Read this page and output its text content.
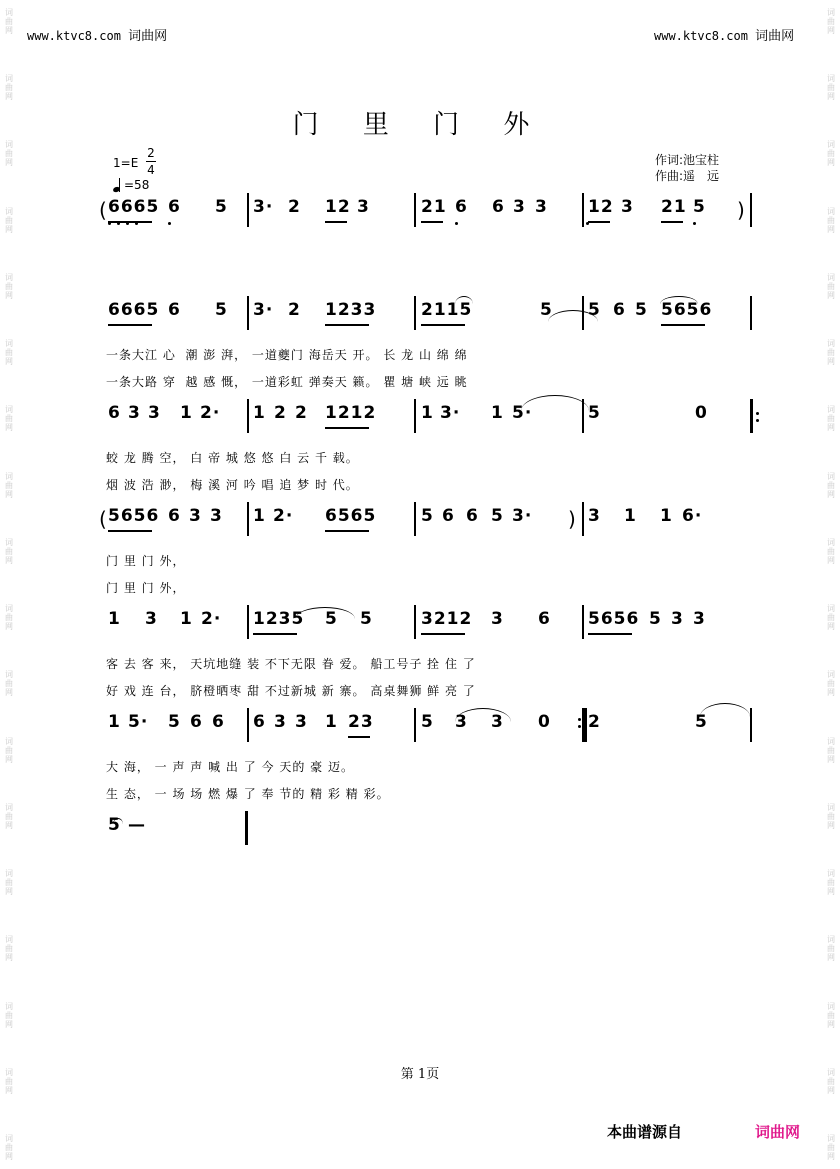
词曲网
词曲网
词曲网
词曲网
词曲网
词曲网
词曲网
词曲网
词曲网
词曲网
词曲网
词曲网
词曲网
词曲网
词曲网
词曲网
词曲网
词曲网
词曲网
词曲网
词曲网
词曲网
词曲网
词曲网
词曲网
词曲网
词曲网
词曲网
词曲网
词曲网
词曲网
词曲网
词曲网
词曲网
词曲网
词曲网
www.ktvc8.com 词曲网	www.ktvc8.com 词曲网
门 里 门 外
1=E
2
4
=58
作词:池宝柱
作曲:遥　远
6665 6 5 3· 2 12 3	21 6 6 3 3 12 3 21 5
6665 6 5 3· 2 1233	2115	5 5 6 5 5656
一条大江 心  潮 澎 湃， 一道夔门 海岳天 开。 长 龙 山 绵 绵
一条大路 穿  越 感 慨， 一道彩虹 弹奏天 籁。 瞿 塘 峡 远 眺
6 3 3 1 2· 1 2 2 1212	1 3· 1 5·	5	0
蛟 龙 腾 空， 白 帝 城 悠 悠 白 云 千 载。
烟 波 浩 渺， 梅 溪 河 吟 唱 追 梦 时 代。
5656 6 3 3 1 2· 6565	5 6 6 5 3·	3 1 1 6·
门 里 门 外，
门 里 门 外，
1 3 1 2· 1235 5 5	3212 3 6 5656 5 3 3
客 去 客 来， 天坑地缝 装 不下无限 眷 爱。 船工号子 拴 住 了
好 戏 连 台， 脐橙晒枣 甜 不过新城 新 寨。 高桌舞狮 鲜 亮 了
1 5· 5 6 6 6 3 3 1 23	5 3 3 0 2	5
大 海， 一 声 声 喊 出 了 今 天的 豪 迈。
生 态， 一 场 场 燃 爆 了 奉 节的 精 彩 精 彩。
5 —
(	)
(	)
第 1页
本曲谱源自	词曲网
